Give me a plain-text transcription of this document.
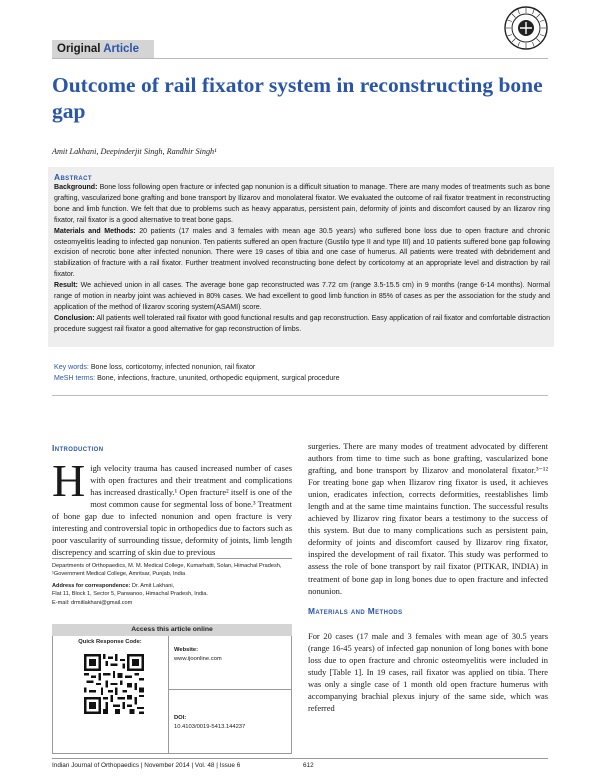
Original Article
Outcome of rail fixator system in reconstructing bone gap
Amit Lakhani, Deepinderjit Singh, Randhir Singh¹
Abstract

Background: Bone loss following open fracture or infected gap nonunion is a difficult situation to manage. There are many modes of treatments such as bone grafting, vascularized bone grafting and bone transport by Ilizarov and monolateral fixator. We evaluated the outcome of rail fixator treatment in reconstructing bone and limb function. We felt that due to problems such as heavy apparatus, persistent pain, deformity of joints and discomfort caused by an Ilizarov ring fixator, rail fixator is a good alternative to treat bone gaps.

Materials and Methods: 20 patients (17 males and 3 females with mean age 30.5 years) who suffered bone loss due to open fracture and chronic osteomyelitis leading to infected gap nonunion. Ten patients suffered an open fracture (Gustilo type II and type III) and 10 patients suffered bone gap following excision of necrotic bone after infected nonunion. There were 19 cases of tibia and one case of humerus. All patients were treated with debridement and stabilization of fracture with a rail fixator. Further treatment involved reconstructing bone defect by corticotomy at an appropriate level and distraction by rail fixator.

Result: We achieved union in all cases. The average bone gap reconstructed was 7.72 cm (range 3.5-15.5 cm) in 9 months (range 6-14 months). Normal range of motion in nearby joint was achieved in 80% cases. We had excellent to good limb function in 85% of cases as per the association for the study and application of the method of Ilizarov scoring system(ASAMI) score.

Conclusion: All patients well tolerated rail fixator with good functional results and gap reconstruction. Easy application of rail fixator and comfortable distraction procedure suggest rail fixator a good alternative for gap reconstruction of limbs.

Key words: Bone loss, corticotomy, infected nonunion, rail fixator
MeSH terms: Bone, infections, fracture, ununited, orthopedic equipment, surgical procedure
Introduction
High velocity trauma has caused increased number of cases with open fractures and their treatment and complications has increased drastically.¹ Open fracture² itself is one of the most common cause for segmental loss of bone.³ Treatment of bone gap due to infected nonunion and open fracture is very interesting and controversial topic in orthopedics due to factors such as poor vascularity of surrounding tissue, deformity of joints, limb length discrepency and scarring of skin due to previous
surgeries. There are many modes of treatment advocated by different authors from time to time such as bone grafting, vascularized bone grafting, and bone transport by Ilizarov and monolateral fixator.³⁻¹² For treating bone gap when Ilizarov ring fixator is used, it achieves union, eradicates infection, corrects deformities, reestablishes limb length and at the same time maintains function. The successful results achieved by Ilizarov ring fixator bears a testimony to the success of this system. But due to many complications such as persistent pain, deformity of joints and discomfort caused by Ilizarov ring fixator, inspired the development of rail fixator. This study was performed to assess the role of bone transport by rail fixator (PITKAR, INDIA) in treatment of bone gap in long bones due to open fracture and infected nonunion.
Materials and Methods
For 20 cases (17 male and 3 females with mean age of 30.5 years (range 16-45 years) of infected gap nonunion of long bones with bone loss due to open fracture and chronic osteomyelitis were included in study [Table 1]. In 19 cases, rail fixator was applied on tibia. There was only a single case of 1 month old open fracture humerus with accompanying brachial plexus injury of the same side, which was referred

Departments of Orthopaedics, M. M. Medical College, Kumarhatti, Solan, Himachal Pradesh, ¹Government Medical College, Amritsar, Punjab, India

Address for correspondence: Dr. Amit Lakhani,
Flat 11, Block 1, Sector 5, Parwanoo, Himachal Pradesh, India.
E-mail: drmitlakhani@gmail.com

Access this article online
Quick Response Code:
Website:
www.ijoonline.com
DOI:
10.4103/0019-5413.144237
Indian Journal of Orthopaedics | November 2014 | Vol. 48 | Issue 6	612
